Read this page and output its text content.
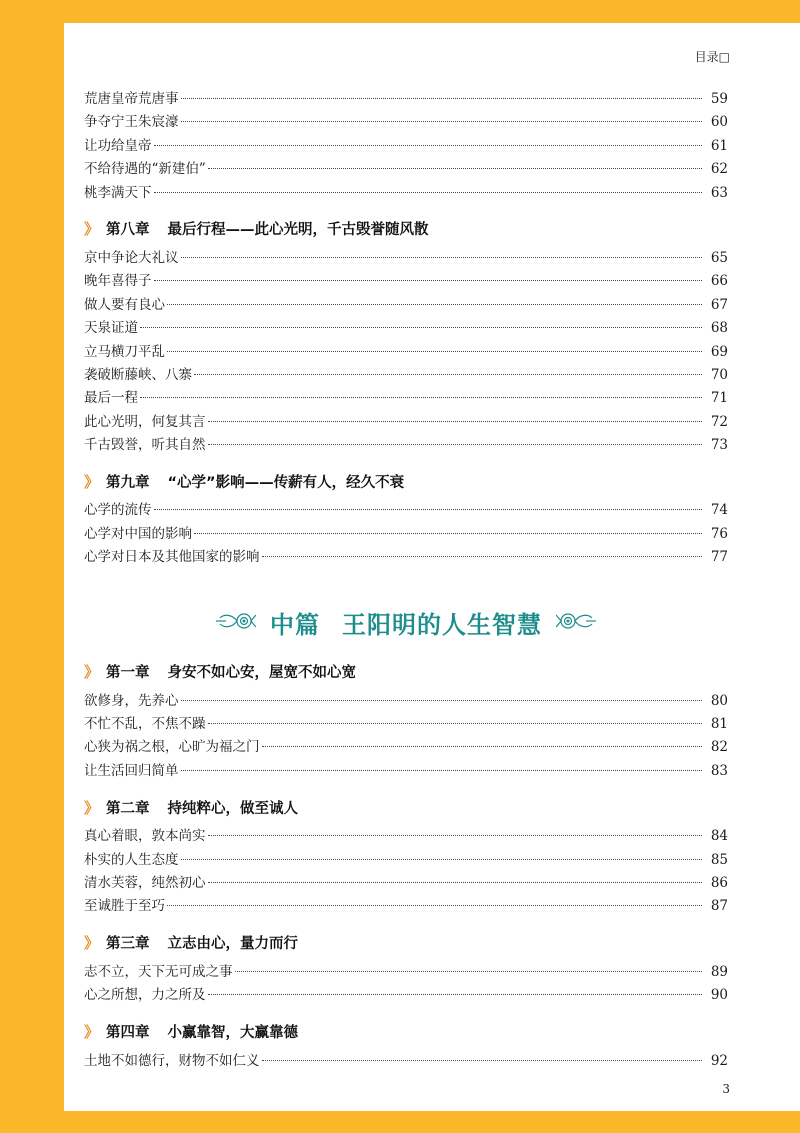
目录□
荒唐皇帝荒唐事	59
争夺宁王朱宸濠	60
让功给皇帝	61
不给待遇的“新建伯”	62
桃李满天下	63
》 第八章 最后行程——此心光明，千古毁誉随风散
京中争论大礼议	65
晚年喜得子	66
做人要有良心	67
天泉证道	68
立马横刀平乱	69
袭破断藤峡、八寨	70
最后一程	71
此心光明，何复其言	72
千古毁誉，听其自然	73
》 第九章 “心学”影响——传薪有人，经久不衰
心学的流传	74
心学对中国的影响	76
心学对日本及其他国家的影响	77
中篇 王阳明的人生智慧
》 第一章 身安不如心安，屋宽不如心宽
欲修身，先养心	80
不忙不乱，不焦不躁	81
心狭为祸之根，心旷为福之门	82
让生活回归简单	83
》 第二章 持纯粹心，做至诚人
真心着眼，敦本尚实	84
朴实的人生态度	85
清水芙蓉，纯然初心	86
至诚胜于至巧	87
》 第三章 立志由心，量力而行
志不立，天下无可成之事	89
心之所想，力之所及	90
》 第四章 小赢靠智，大赢靠德
土地不如德行，财物不如仁义	92
3
